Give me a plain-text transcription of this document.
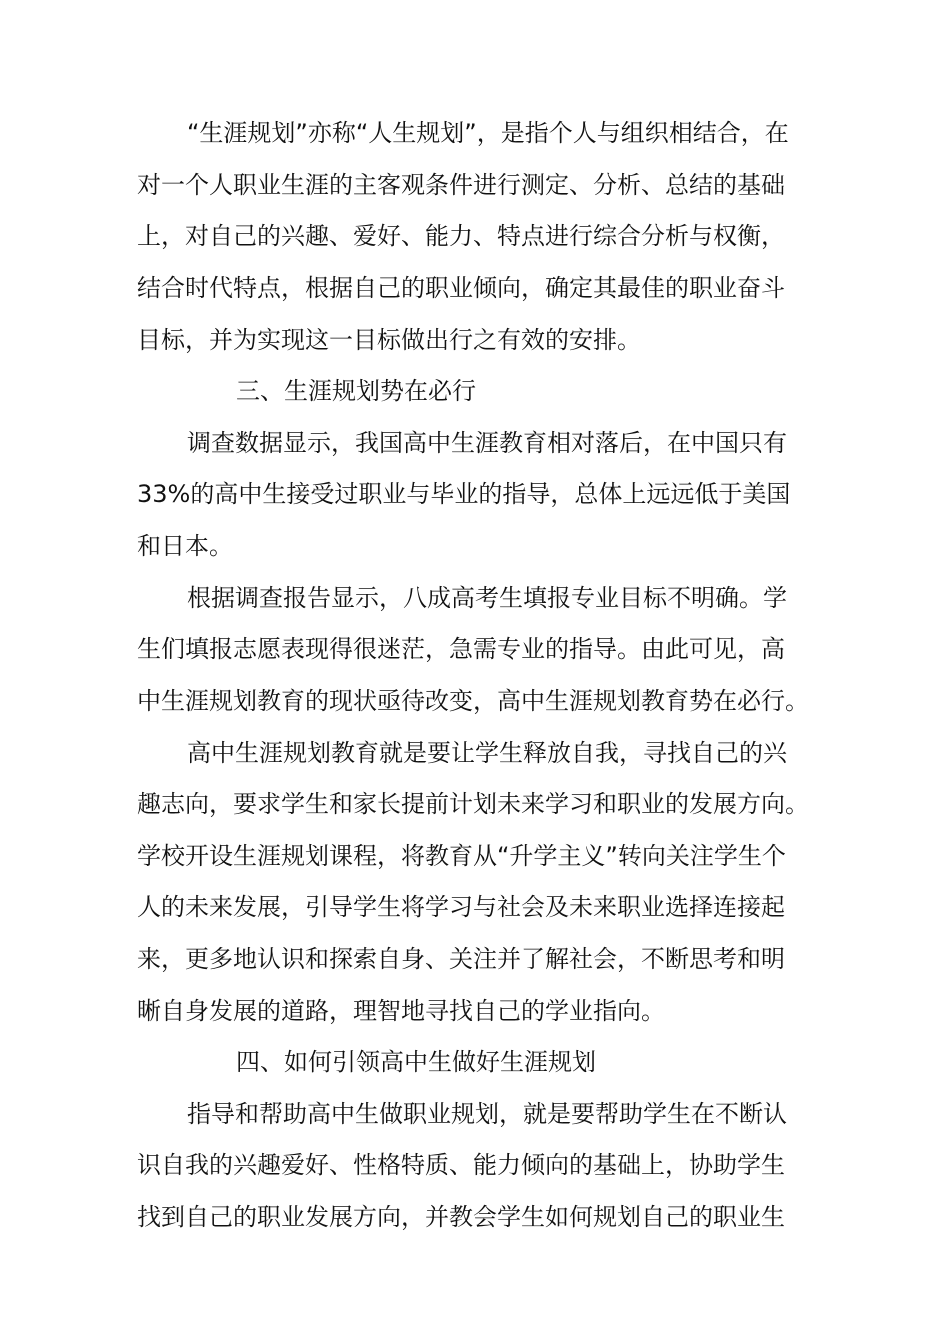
“生涯规划”亦称“人生规划”，是指个人与组织相结合，在

对一个人职业生涯的主客观条件进行测定、分析、总结的基础

上，对自己的兴趣、爱好、能力、特点进行综合分析与权衡，

结合时代特点，根据自己的职业倾向，确定其最佳的职业奋斗

目标，并为实现这一目标做出行之有效的安排。

三、生涯规划势在必行

调查数据显示，我国高中生涯教育相对落后，在中国只有

33%的高中生接受过职业与毕业的指导，总体上远远低于美国

和日本。

根据调查报告显示，八成高考生填报专业目标不明确。学

生们填报志愿表现得很迷茫，急需专业的指导。由此可见，高

中生涯规划教育的现状亟待改变，高中生涯规划教育势在必行。

高中生涯规划教育就是要让学生释放自我，寻找自己的兴

趣志向，要求学生和家长提前计划未来学习和职业的发展方向。

学校开设生涯规划课程，将教育从“升学主义”转向关注学生个

人的未来发展，引导学生将学习与社会及未来职业选择连接起

来，更多地认识和探索自身、关注并了解社会，不断思考和明

晰自身发展的道路，理智地寻找自己的学业指向。

四、如何引领高中生做好生涯规划

指导和帮助高中生做职业规划，就是要帮助学生在不断认

识自我的兴趣爱好、性格特质、能力倾向的基础上，协助学生

找到自己的职业发展方向，并教会学生如何规划自己的职业生
